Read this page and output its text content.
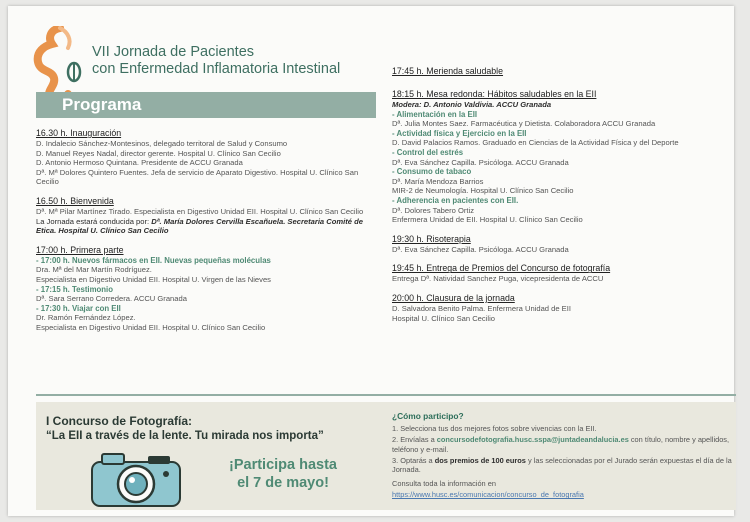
VII Jornada de Pacientes
con Enfermedad Inflamatoria Intestinal
Programa
16.30 h. Inauguración
D. Indalecio Sánchez-Montesinos, delegado territoral de Salud y Consumo
D. Manuel Reyes Nadal, director gerente. Hospital U. Clínico San Cecilio
D. Antonio Hermoso Quintana. Presidente de ACCU Granada
Dª. Mª Dolores Quintero Fuentes. Jefa de servicio de Aparato Digestivo. Hospital U. Clínico San Cecilio
16.50 h. Bienvenida
Dª. Mª Pilar Martínez Tirado. Especialista en Digestivo Unidad EII. Hospital U. Clínico San Cecilio
La Jornada estará conducida por: Dª. María Dolores Cervilla Escañuela. Secretaria Comité de Etica. Hospital U. Clínico San Cecilio
17:00 h. Primera parte
- 17:00 h. Nuevos fármacos en EII. Nuevas pequeñas moléculas
Dra. Mª del Mar Martín Rodríguez.
Especialista en Digestivo Unidad EII. Hospital U. Virgen de las Nieves
- 17:15 h. Testimonio
Dª. Sara Serrano Corredera. ACCU Granada
- 17:30 h. Viajar con EII
Dr. Ramón Fernández López.
Especialista en Digestivo Unidad EII. Hospital U. Clínico San Cecilio
17:45 h. Merienda saludable
18:15 h. Mesa redonda: Hábitos saludables en la EII
Modera: D. Antonio Valdivia. ACCU Granada
- Alimentación en la EII
Dª. Julia Montes Saez. Farmacéutica y Dietista. Colaboradora ACCU Granada
- Actividad física y Ejercicio en la EII
D. David Palacios Ramos. Graduado en Ciencias de la Actividad Física y del Deporte
- Control del estrés
Dª. Eva Sánchez Capilla. Psicóloga. ACCU Granada
- Consumo de tabaco
Dª. María Mendoza Barrios
MIR-2 de Neumología. Hospital U. Clínico San Cecilio
- Adherencia en pacientes con EII.
Dª. Dolores Tabero Ortiz
Enfermera Unidad de EII. Hospital U. Clínico San Cecilio
19:30 h. Risoterapia
Dª. Eva Sánchez Capilla. Psicóloga. ACCU Granada
19:45 h. Entrega de Premios del Concurso de fotografía
Entrega Dª. Natividad Sanchez Puga, vicepresidenta de ACCU
20:00 h. Clausura de la jornada
D. Salvadora Benito Palma. Enfermera Unidad de EII
Hospital U. Clínico San Cecilio
I Concurso de Fotografía:
“La EII a través de la lente. Tu mirada nos importa”
¡Participa hasta
el 7 de mayo!
¿Cómo participo?

1. Selecciona tus dos mejores fotos sobre vivencias con la EII.

2. Envíalas a concursodefotografia.husc.sspa@juntadeandalucia.es con título, nombre y apellidos, teléfono y e-mail.

3. Optarás a dos premios de 100 euros y las seleccionadas por el Jurado serán expuestas el día de la Jornada.

Consulta toda la información en

https://www.husc.es/comunicacion/concurso_de_fotografia
